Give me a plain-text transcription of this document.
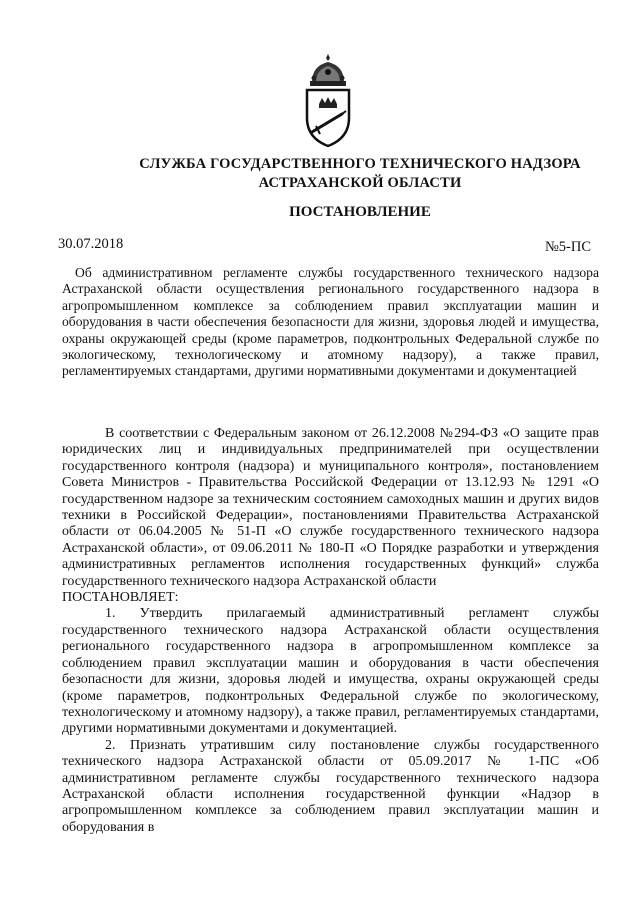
СЛУЖБА ГОСУДАРСТВЕННОГО ТЕХНИЧЕСКОГО НАДЗОРА
АСТРАХАНСКОЙ ОБЛАСТИ
ПОСТАНОВЛЕНИЕ
30.07.2018	№5-ПС

Об административном регламенте службы государственного технического надзора Астраханской области осуществления регионального государственного надзора в агропромышленном комплексе за соблюдением правил эксплуатации машин и оборудования в части обеспечения безопасности для жизни, здоровья людей и имущества, охраны окружающей среды (кроме параметров, подконтрольных Федеральной службе по экологическому, технологическому и атомному надзору), а также правил, регламентируемых стандартами, другими нормативными документами и документацией

В соответствии с Федеральным законом от 26.12.2008 №294-ФЗ «О защите прав юридических лиц и индивидуальных предпринимателей при осуществлении государственного контроля (надзора) и муниципального контроля», постановлением Совета Министров - Правительства Российской Федерации от 13.12.93 № 1291 «О государственном надзоре за техническим состоянием самоходных машин и других видов техники в Российской Федерации», постановлениями Правительства Астраханской области от 06.04.2005 № 51-П «О службе государственного технического надзора Астраханской области», от 09.06.2011 № 180-П «О Порядке разработки и утверждения административных регламентов исполнения государственных функций» служба государственного технического надзора Астраханской области

ПОСТАНОВЛЯЕТ:

1. Утвердить прилагаемый административный регламент службы государственного технического надзора Астраханской области осуществления регионального государственного надзора в агропромышленном комплексе за соблюдением правил эксплуатации машин и оборудования в части обеспечения безопасности для жизни, здоровья людей и имущества, охраны окружающей среды (кроме параметров, подконтрольных Федеральной службе по экологическому, технологическому и атомному надзору), а также правил, регламентируемых стандартами, другими нормативными документами и документацией.

2. Признать утратившим силу постановление службы государственного технического надзора Астраханской области от 05.09.2017 № 1-ПС «Об административном регламенте службы государственного технического надзора Астраханской области исполнения государственной функции «Надзор в агропромышленном комплексе за соблюдением правил эксплуатации машин и оборудования в
